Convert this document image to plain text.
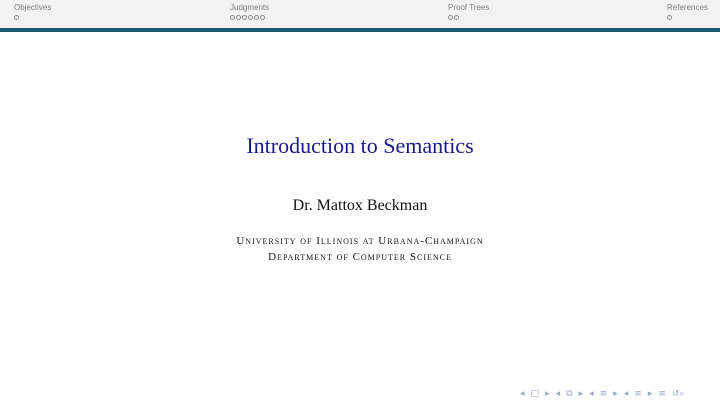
Objectives	Judgments	Proof Trees	References
Introduction to Semantics
Dr. Mattox Beckman
University of Illinois at Urbana-Champaign
Department of Computer Science
◂ □ ▸ ◂ ⧉ ▸ ◂ ≡ ▸ ◂ ≡ ▸ ≡ ↺⌕
